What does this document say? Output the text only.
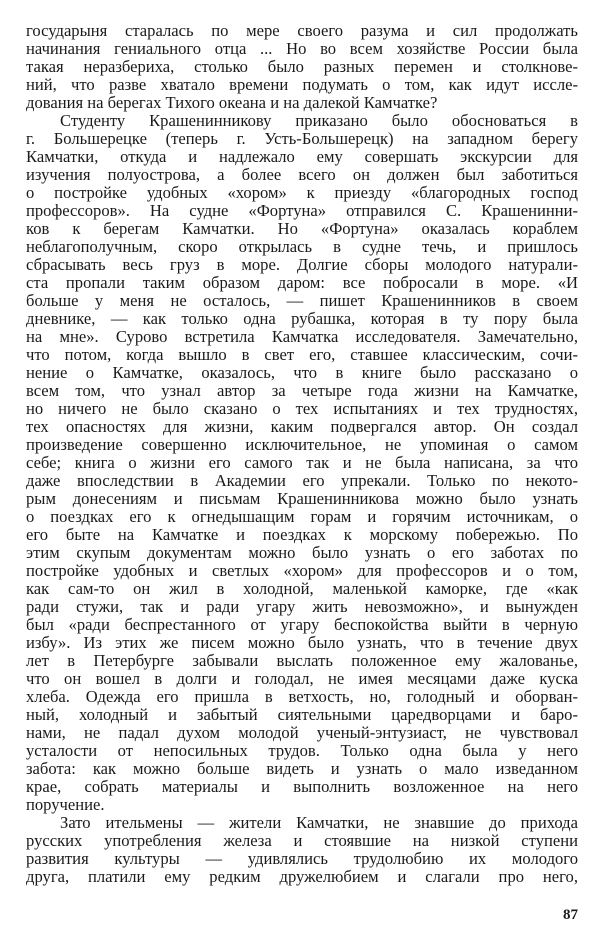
государыня старалась по мере своего разума и сил продолжать
начинания гениального отца ... Но во всем хозяйстве России была
такая неразбериха, столько было разных перемен и столкнове-
ний, что разве хватало времени подумать о том, как идут иссле-
дования на берегах Тихого океана и на далекой Камчатке?
Студенту Крашенинникову приказано было обосноваться в
г. Большерецке (теперь г. Усть-Большерецк) на западном берегу
Камчатки, откуда и надлежало ему совершать экскурсии для
изучения полуострова, а более всего он должен был заботиться
о постройке удобных «хором» к приезду «благородных господ
профессоров». На судне «Фортуна» отправился С. Крашенинни-
ков к берегам Камчатки. Но «Фортуна» оказалась кораблем
неблагополучным, скоро открылась в судне течь, и пришлось
сбрасывать весь груз в море. Долгие сборы молодого натурали-
ста пропали таким образом даром: все побросали в море. «И
больше у меня не осталось, — пишет Крашенинников в своем
дневнике, — как только одна рубашка, которая в ту пору была
на мне». Сурово встретила Камчатка исследователя. Замечательно,
что потом, когда вышло в свет его, ставшее классическим, сочи-
нение о Камчатке, оказалось, что в книге было рассказано о
всем том, что узнал автор за четыре года жизни на Камчатке,
но ничего не было сказано о тех испытаниях и тех трудностях,
тех опасностях для жизни, каким подвергался автор. Он создал
произведение совершенно исключительное, не упоминая о самом
себе; книга о жизни его самого так и не была написана, за что
даже впоследствии в Академии его упрекали. Только по некото-
рым донесениям и письмам Крашенинникова можно было узнать
о поездках его к огнедышащим горам и горячим источникам, о
его быте на Камчатке и поездках к морскому побережью. По
этим скупым документам можно было узнать о его заботах по
постройке удобных и светлых «хором» для профессоров и о том,
как сам-то он жил в холодной, маленькой каморке, где «как
ради стужи, так и ради угару жить невозможно», и вынужден
был «ради беспрестанного от угару беспокойства выйти в черную
избу». Из этих же писем можно было узнать, что в течение двух
лет в Петербурге забывали выслать положенное ему жалованье,
что он вошел в долги и голодал, не имея месяцами даже куска
хлеба. Одежда его пришла в ветхость, но, голодный и оборван-
ный, холодный и забытый сиятельными царедворцами и баро-
нами, не падал духом молодой ученый-энтузиаст, не чувствовал
усталости от непосильных трудов. Только одна была у него
забота: как можно больше видеть и узнать о мало изведанном
крае, собрать материалы и выполнить возложенное на него
поручение.
Зато ительмены — жители Камчатки, не знавшие до прихода
русских употребления железа и стоявшие на низкой ступени
развития культуры — удивлялись трудолюбию их молодого
друга, платили ему редким дружелюбием и слагали про него,
87
